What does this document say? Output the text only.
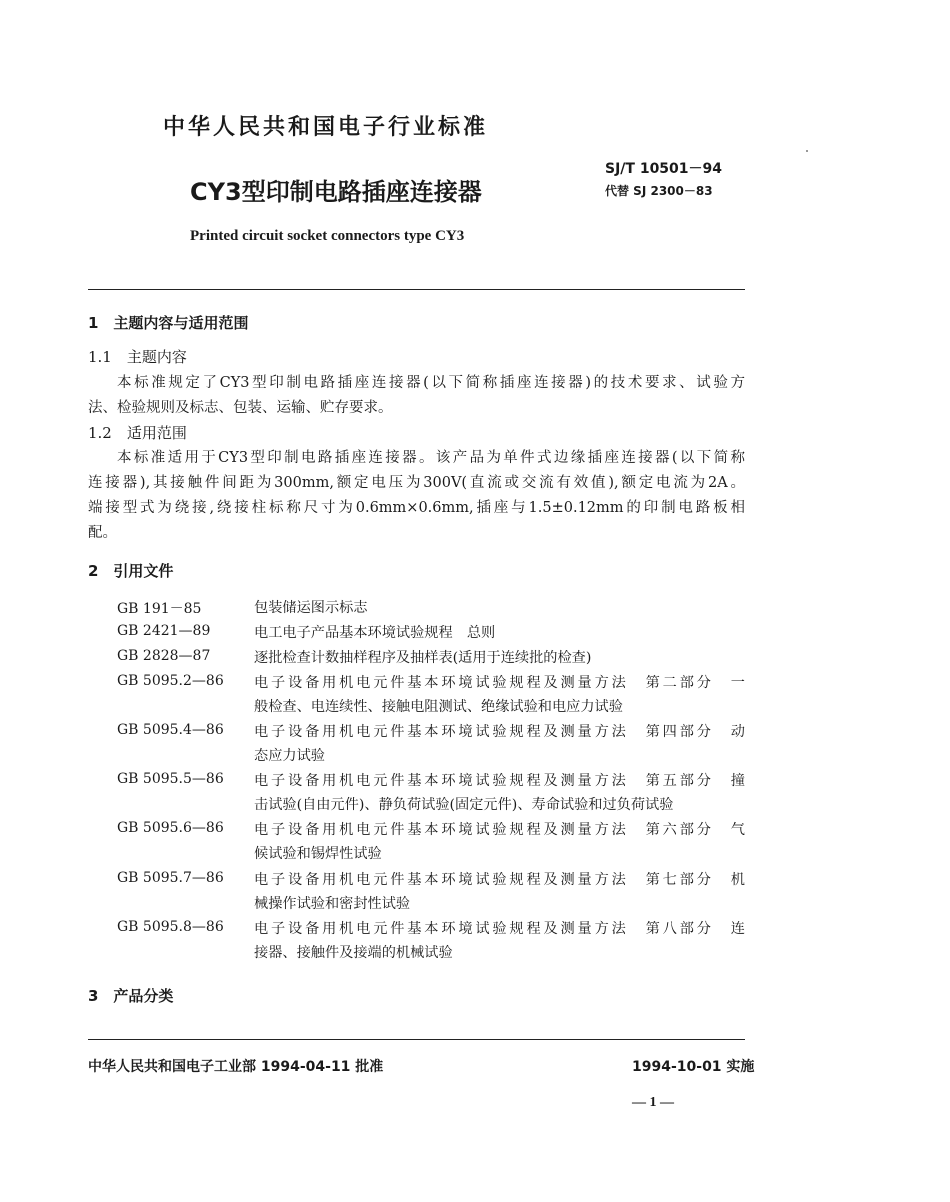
中华人民共和国电子行业标准
CY3型印制电路插座连接器
SJ/T 10501－94
代替 SJ 2300－83
Printed circuit socket connectors type CY3
1　主题内容与适用范围
1.1　主题内容
本标准规定了CY3型印制电路插座连接器(以下简称插座连接器)的技术要求、试验方
法、检验规则及标志、包装、运输、贮存要求。
1.2　适用范围
本标准适用于CY3型印制电路插座连接器。该产品为单件式边缘插座连接器(以下简称
连接器),其接触件间距为300mm,额定电压为300V(直流或交流有效值),额定电流为2A。
端接型式为绕接,绕接柱标称尺寸为0.6mm×0.6mm,插座与1.5±0.12mm的印制电路板相
配。
2　引用文件
GB 191－85	包装储运图示标志
GB 2421—89	电工电子产品基本环境试验规程　总则
GB 2828—87	逐批检查计数抽样程序及抽样表(适用于连续批的检查)
GB 5095.2—86 电子设备用机电元件基本环境试验规程及测量方法　第二部分　一
般检查、电连续性、接触电阻测试、绝缘试验和电应力试验
GB 5095.4—86 电子设备用机电元件基本环境试验规程及测量方法　第四部分　动
态应力试验
GB 5095.5—86 电子设备用机电元件基本环境试验规程及测量方法　第五部分　撞
击试验(自由元件)、静负荷试验(固定元件)、寿命试验和过负荷试验
GB 5095.6—86 电子设备用机电元件基本环境试验规程及测量方法　第六部分　气
候试验和锡焊性试验
GB 5095.7—86 电子设备用机电元件基本环境试验规程及测量方法　第七部分　机
械操作试验和密封性试验
GB 5095.8—86 电子设备用机电元件基本环境试验规程及测量方法　第八部分　连
接器、接触件及接端的机械试验
3　产品分类
中华人民共和国电子工业部 1994-04-11 批准	1994-10-01 实施
— 1 —
